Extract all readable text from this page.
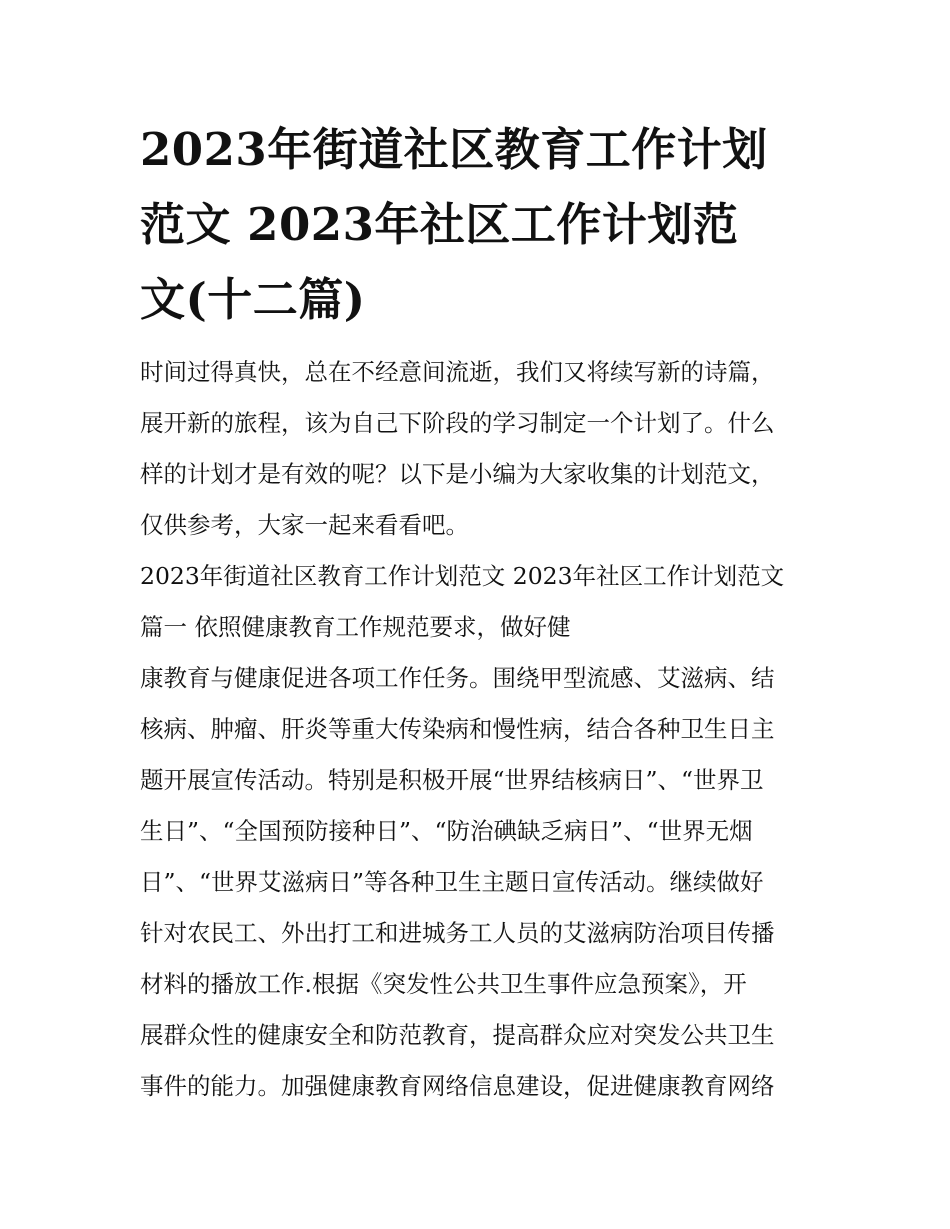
2023年街道社区教育工作计划
范文 2023年社区工作计划范
文(十二篇)
时间过得真快，总在不经意间流逝，我们又将续写新的诗篇，
展开新的旅程，该为自己下阶段的学习制定一个计划了。什么
样的计划才是有效的呢？以下是小编为大家收集的计划范文，
仅供参考，大家一起来看看吧。
2023年街道社区教育工作计划范文 2023年社区工作计划范文
篇一 依照健康教育工作规范要求，做好健
康教育与健康促进各项工作任务。围绕甲型流感、艾滋病、结
核病、肿瘤、肝炎等重大传染病和慢性病，结合各种卫生日主
题开展宣传活动。特别是积极开展“世界结核病日”、“世界卫
生日”、“全国预防接种日”、“防治碘缺乏病日”、“世界无烟
日”、“世界艾滋病日”等各种卫生主题日宣传活动。继续做好
针对农民工、外出打工和进城务工人员的艾滋病防治项目传播
材料的播放工作.根据《突发性公共卫生事件应急预案》，开
展群众性的健康安全和防范教育，提高群众应对突发公共卫生
事件的能力。加强健康教育网络信息建设，促进健康教育网络
